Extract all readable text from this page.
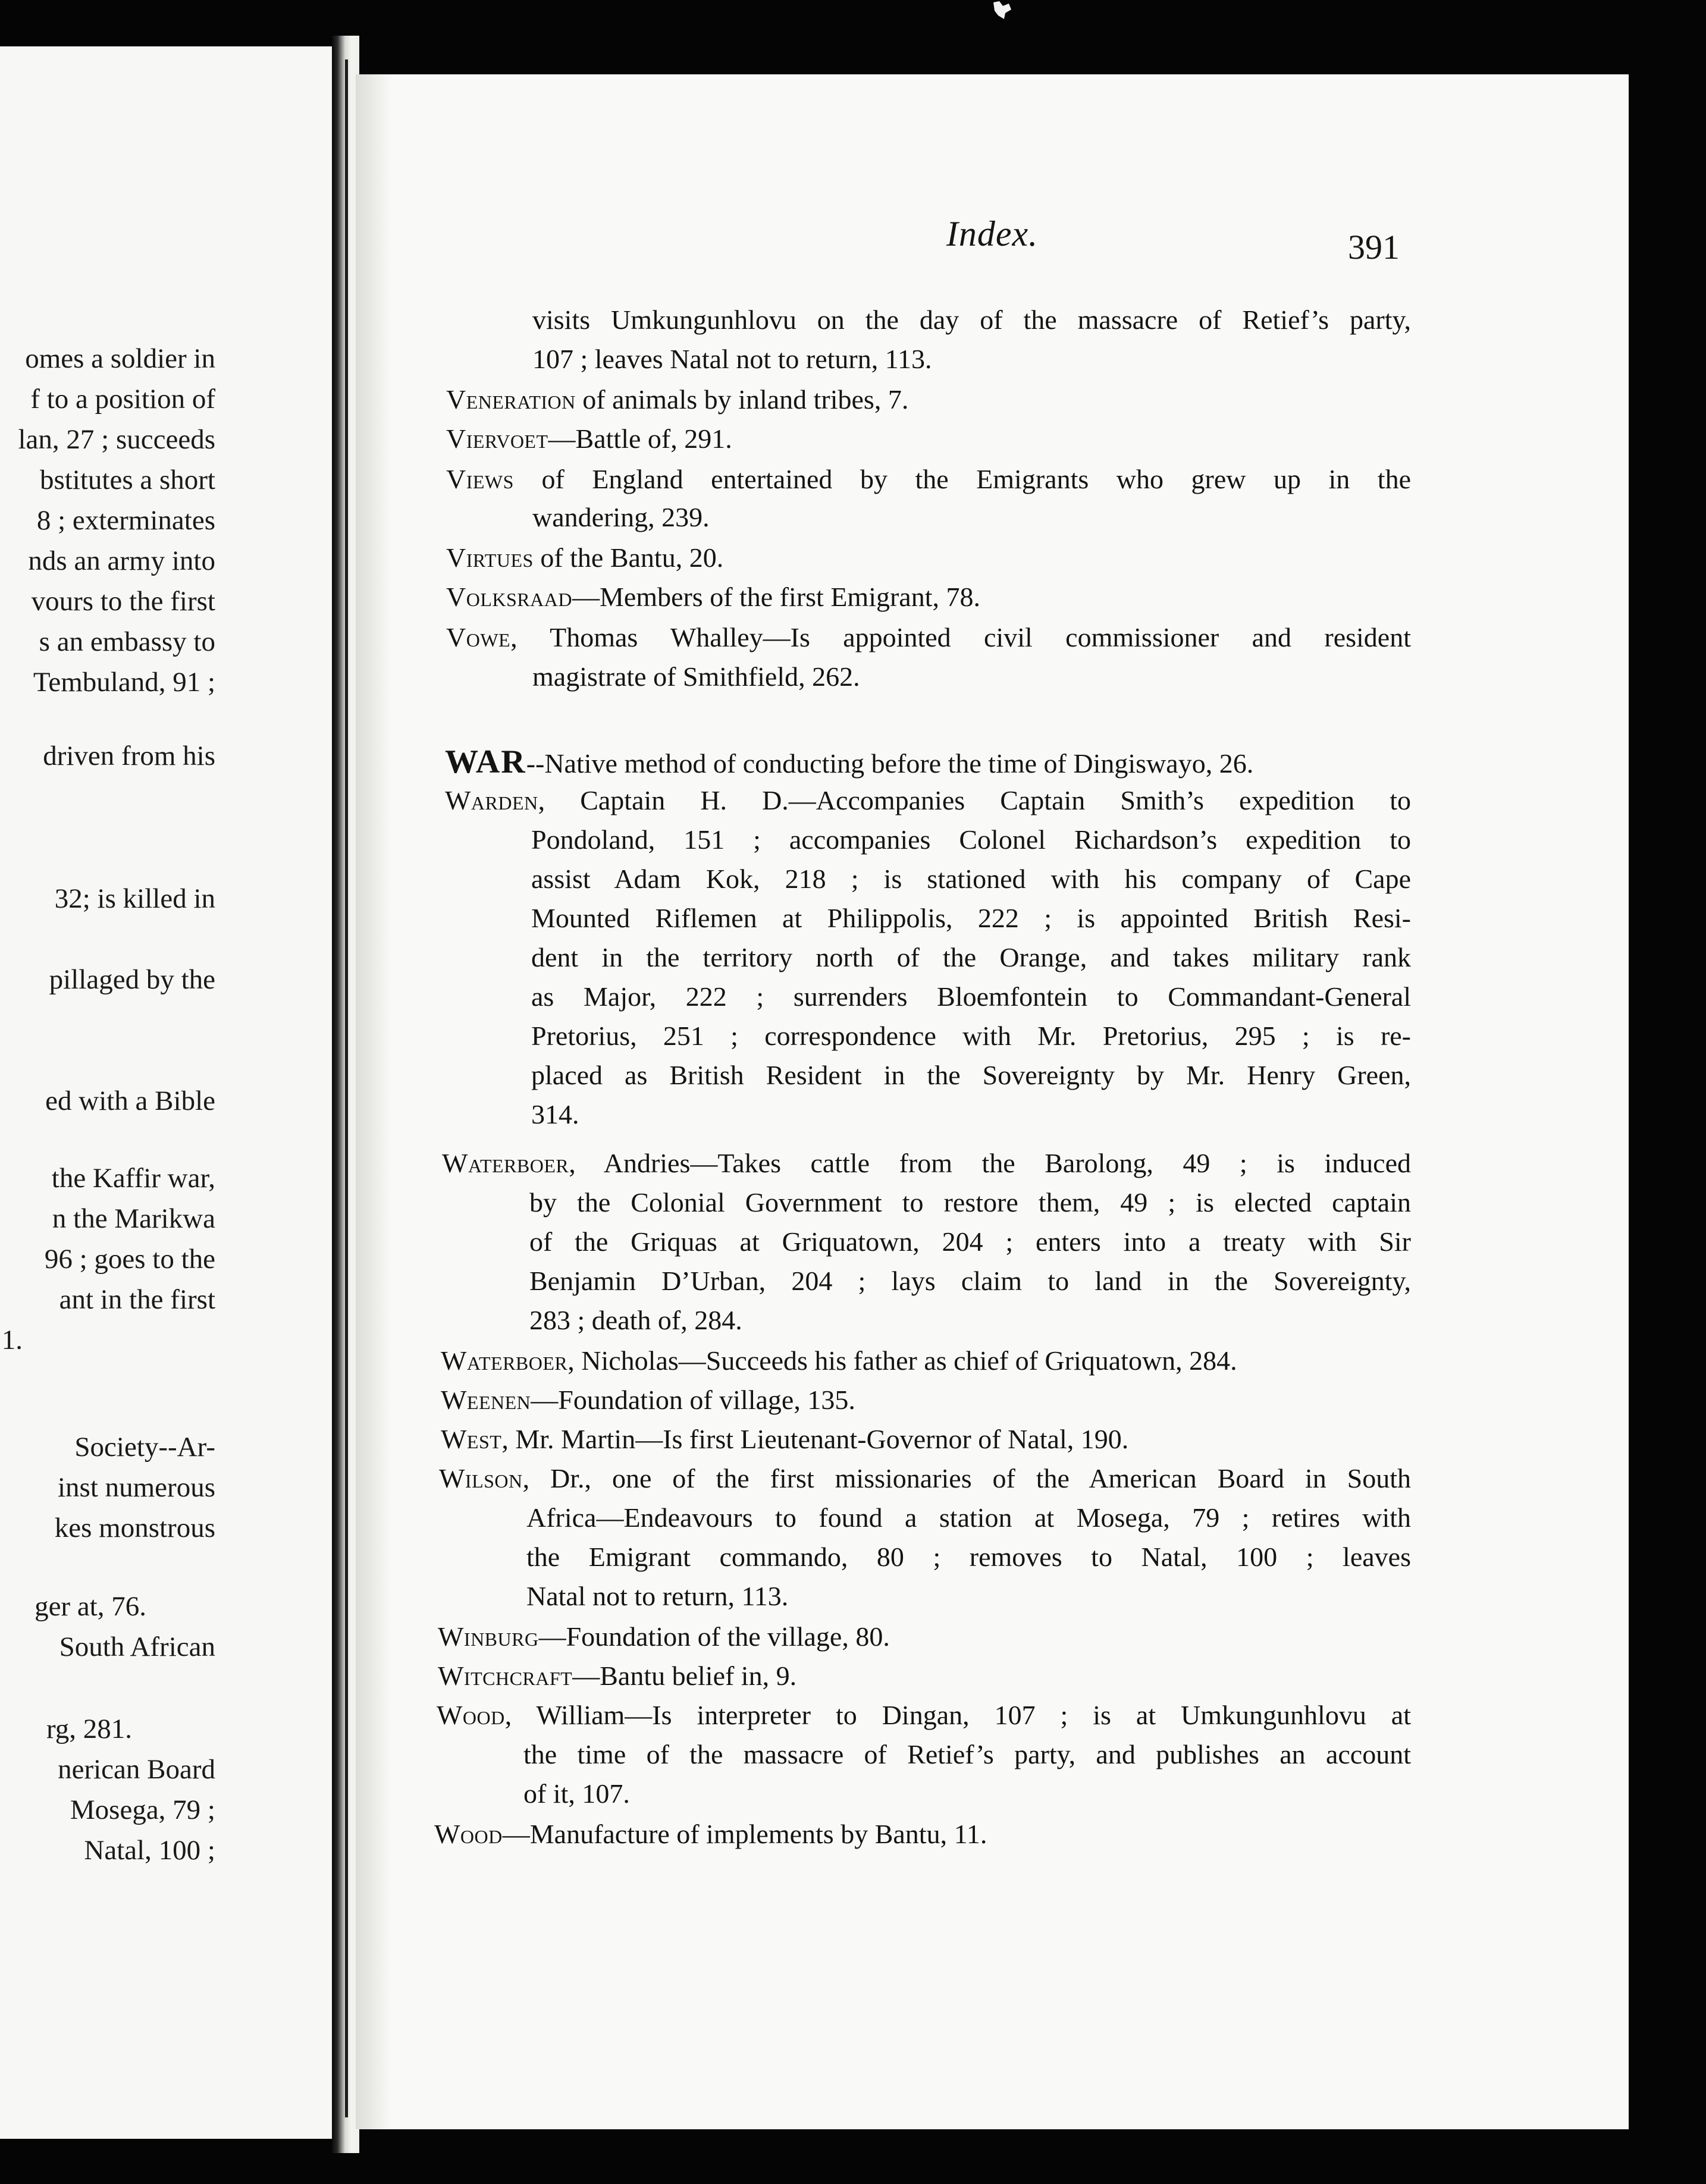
omes a soldier in
f to a position of
lan, 27 ; succeeds
bstitutes a short
8 ; exterminates
nds an army into
vours to the first
s an embassy to
Tembuland, 91 ;
driven from his
32; is killed in
pillaged by the
ed with a Bible
the Kaffir war,
n the Marikwa
96 ; goes to the
ant in the first
1.
Society--Ar-
inst numerous
kes monstrous
ger at, 76.
South African
rg, 281.
nerican Board
Mosega, 79 ;
Natal, 100 ;
Index.	391
visits Umkungunhlovu on the day of the massacre of Retief’s party,
107 ; leaves Natal not to return, 113.
Veneration of animals by inland tribes, 7.
Viervoet—Battle of, 291.
Views of England entertained by the Emigrants who grew up in the
wandering, 239.
Virtues of the Bantu, 20.
Volksraad—Members of the first Emigrant, 78.
Vowe, Thomas Whalley—Is appointed civil commissioner and resident
magistrate of Smithfield, 262.
WAR--Native method of conducting before the time of Dingiswayo, 26.
Warden, Captain H. D.—Accompanies Captain Smith’s expedition to
Pondoland, 151 ; accompanies Colonel Richardson’s expedition to
assist Adam Kok, 218 ; is stationed with his company of Cape
Mounted Riflemen at Philippolis, 222 ; is appointed British Resi-
dent in the territory north of the Orange, and takes military rank
as Major, 222 ; surrenders Bloemfontein to Commandant-General
Pretorius, 251 ; correspondence with Mr. Pretorius, 295 ; is re-
placed as British Resident in the Sovereignty by Mr. Henry Green,
314.
Waterboer, Andries—Takes cattle from the Barolong, 49 ; is induced
by the Colonial Government to restore them, 49 ; is elected captain
of the Griquas at Griquatown, 204 ; enters into a treaty with Sir
Benjamin D’Urban, 204 ; lays claim to land in the Sovereignty,
283 ; death of, 284.
Waterboer, Nicholas—Succeeds his father as chief of Griquatown, 284.
Weenen—Foundation of village, 135.
West, Mr. Martin—Is first Lieutenant-Governor of Natal, 190.
Wilson, Dr., one of the first missionaries of the American Board in South
Africa—Endeavours to found a station at Mosega, 79 ; retires with
the Emigrant commando, 80 ; removes to Natal, 100 ; leaves
Natal not to return, 113.
Winburg—Foundation of the village, 80.
Witchcraft—Bantu belief in, 9.
Wood, William—Is interpreter to Dingan, 107 ; is at Umkungunhlovu at
the time of the massacre of Retief’s party, and publishes an account
of it, 107.
Wood—Manufacture of implements by Bantu, 11.
